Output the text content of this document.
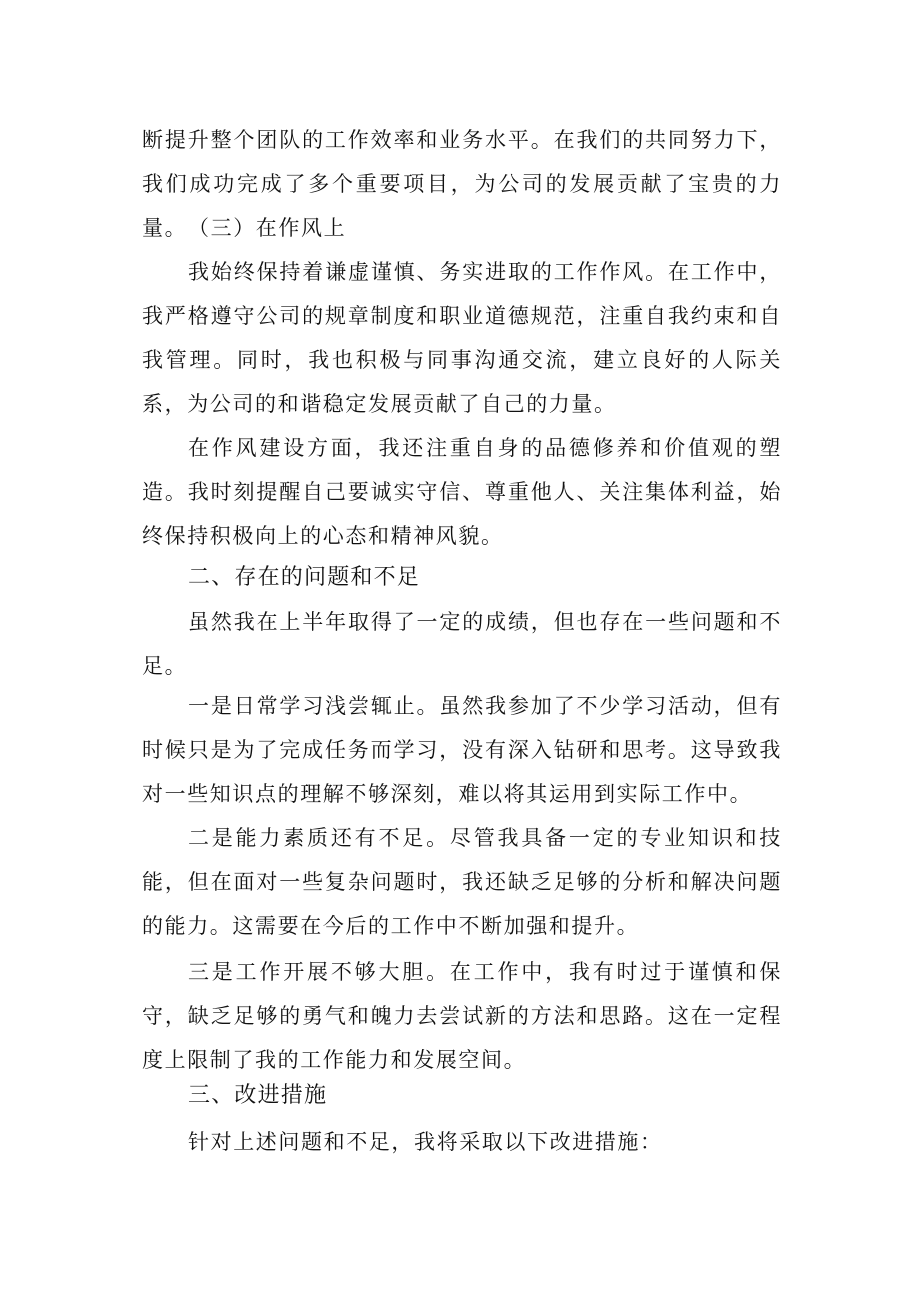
断提升整个团队的工作效率和业务水平。在我们的共同努力下，我们成功完成了多个重要项目，为公司的发展贡献了宝贵的力量。 （三）在作风上

我始终保持着谦虚谨慎、务实进取的工作作风。在工作中，我严格遵守公司的规章制度和职业道德规范，注重自我约束和自我管理。同时，我也积极与同事沟通交流，建立良好的人际关系，为公司的和谐稳定发展贡献了自己的力量。

在作风建设方面，我还注重自身的品德修养和价值观的塑造。我时刻提醒自己要诚实守信、尊重他人、关注集体利益，始终保持积极向上的心态和精神风貌。

二、存在的问题和不足

虽然我在上半年取得了一定的成绩，但也存在一些问题和不足。

一是日常学习浅尝辄止。虽然我参加了不少学习活动，但有时候只是为了完成任务而学习，没有深入钻研和思考。这导致我对一些知识点的理解不够深刻，难以将其运用到实际工作中。

二是能力素质还有不足。尽管我具备一定的专业知识和技能，但在面对一些复杂问题时，我还缺乏足够的分析和解决问题的能力。这需要在今后的工作中不断加强和提升。

三是工作开展不够大胆。在工作中，我有时过于谨慎和保守，缺乏足够的勇气和魄力去尝试新的方法和思路。这在一定程度上限制了我的工作能力和发展空间。

三、改进措施

针对上述问题和不足，我将采取以下改进措施：
